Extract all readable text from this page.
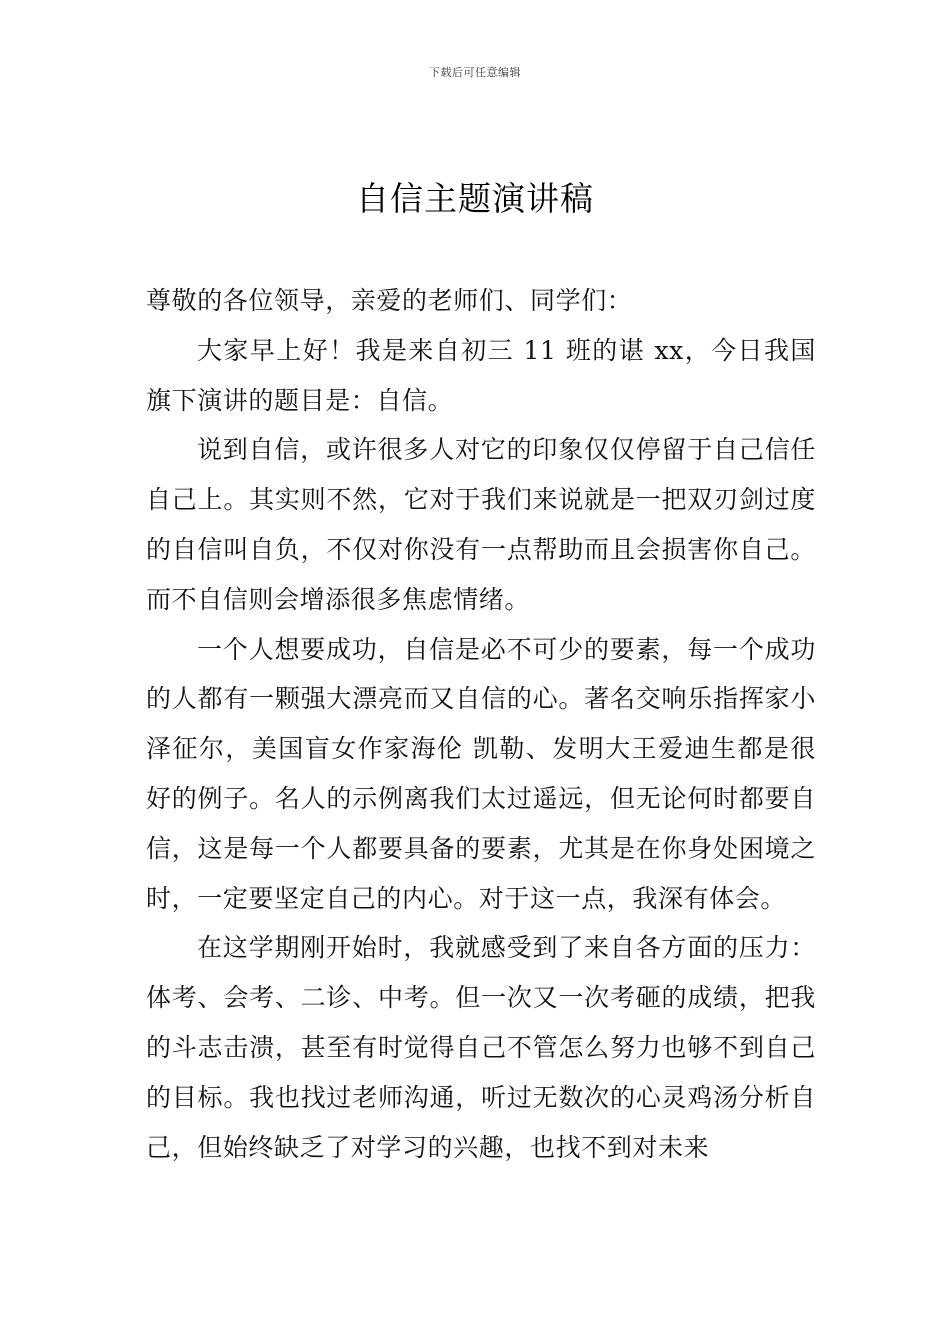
下载后可任意编辑
自信主题演讲稿

尊敬的各位领导，亲爱的老师们、同学们：

大家早上好！我是来自初三 11 班的谌 xx，今日我国旗下演讲的题目是：自信。

说到自信，或许很多人对它的印象仅仅停留于自己信任自己上。其实则不然，它对于我们来说就是一把双刃剑过度的自信叫自负，不仅对你没有一点帮助而且会损害你自己。而不自信则会增添很多焦虑情绪。

一个人想要成功，自信是必不可少的要素，每一个成功的人都有一颗强大漂亮而又自信的心。著名交响乐指挥家小泽征尔，美国盲女作家海伦 凯勒、发明大王爱迪生都是很好的例子。名人的示例离我们太过遥远，但无论何时都要自信，这是每一个人都要具备的要素，尤其是在你身处困境之时，一定要坚定自己的内心。对于这一点，我深有体会。

在这学期刚开始时，我就感受到了来自各方面的压力：体考、会考、二诊、中考。但一次又一次考砸的成绩，把我的斗志击溃，甚至有时觉得自己不管怎么努力也够不到自己的目标。我也找过老师沟通，听过无数次的心灵鸡汤分析自己，但始终缺乏了对学习的兴趣，也找不到对未来
